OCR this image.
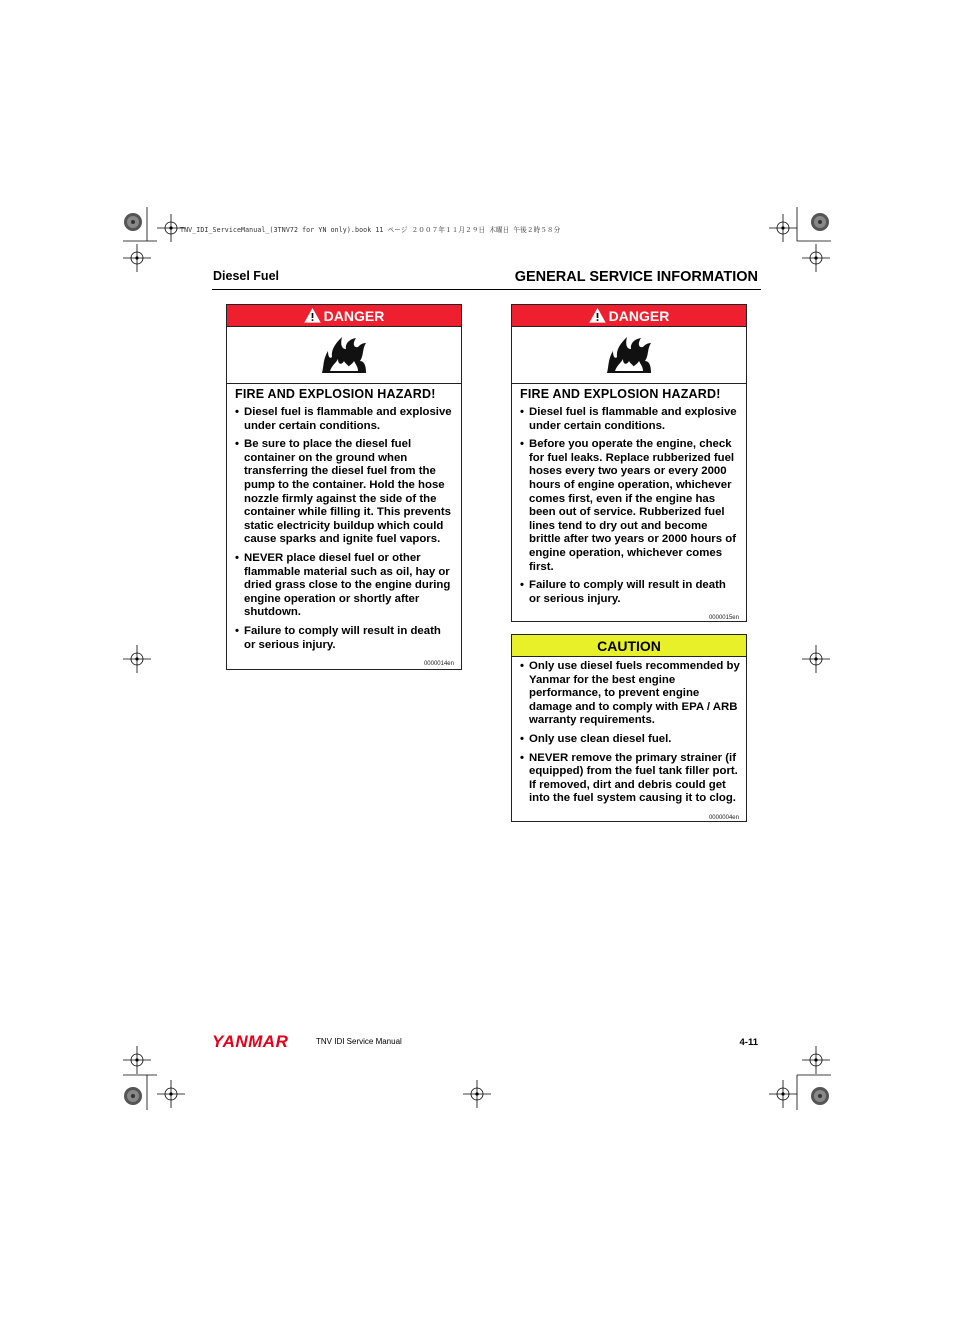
TNV_IDI_ServiceManual_(3TNV72 for YN only).book 11 ページ ２００７年１１月２９日 木曜日 午後２時５８分
Diesel Fuel	GENERAL SERVICE INFORMATION
DANGER
FIRE AND EXPLOSION HAZARD!
• Diesel fuel is flammable and explosive under certain conditions.
• Be sure to place the diesel fuel container on the ground when transferring the diesel fuel from the pump to the container. Hold the hose nozzle firmly against the side of the container while filling it. This prevents static electricity buildup which could cause sparks and ignite fuel vapors.
• NEVER place diesel fuel or other flammable material such as oil, hay or dried grass close to the engine during engine operation or shortly after shutdown.
• Failure to comply will result in death or serious injury.
0000014en
DANGER
FIRE AND EXPLOSION HAZARD!
• Diesel fuel is flammable and explosive under certain conditions.
• Before you operate the engine, check for fuel leaks. Replace rubberized fuel hoses every two years or every 2000 hours of engine operation, whichever comes first, even if the engine has been out of service. Rubberized fuel lines tend to dry out and become brittle after two years or 2000 hours of engine operation, whichever comes first.
• Failure to comply will result in death or serious injury.
0000015en
CAUTION
• Only use diesel fuels recommended by Yanmar for the best engine performance, to prevent engine damage and to comply with EPA / ARB warranty requirements.
• Only use clean diesel fuel.
• NEVER remove the primary strainer (if equipped) from the fuel tank filler port. If removed, dirt and debris could get into the fuel system causing it to clog.
0000004en
YANMAR	TNV IDI Service Manual	4-11
